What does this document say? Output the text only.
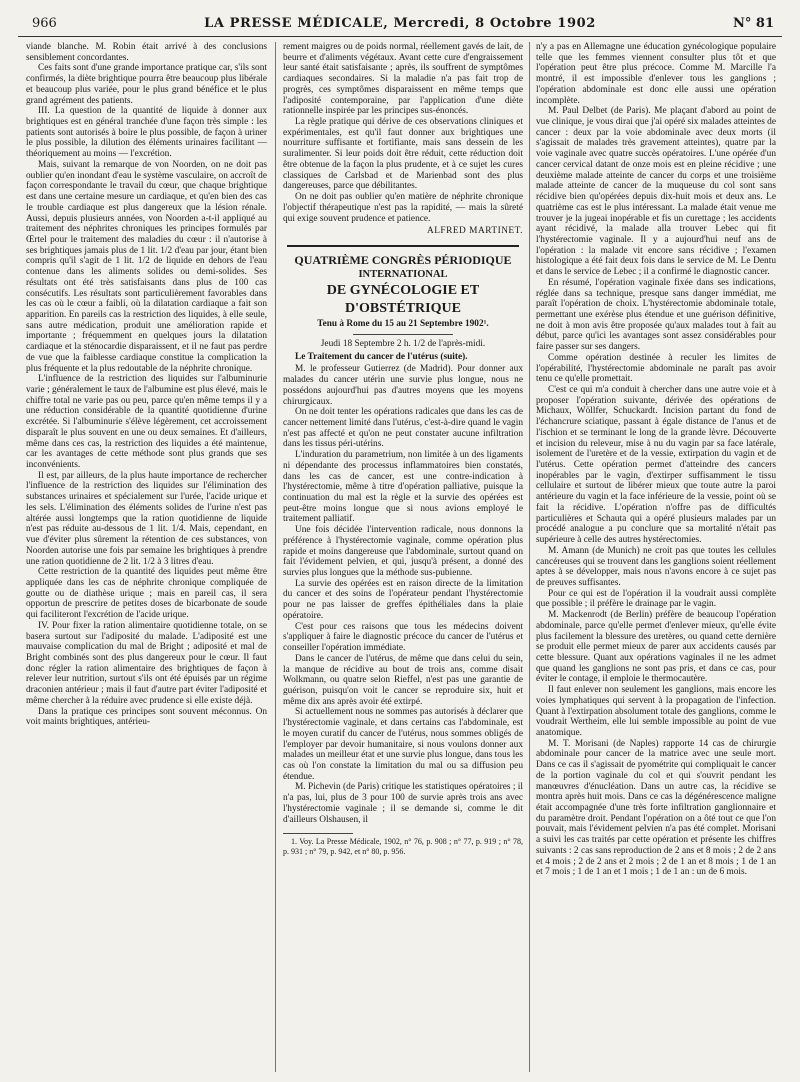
966	LA PRESSE MÉDICALE, Mercredi, 8 Octobre 1902	N° 81

viande blanche. M. Robin était arrivé à des conclusions sensiblement concordantes.

Ces faits sont d'une grande importance pratique car, s'ils sont confirmés, la diète brightique pourra être beaucoup plus libérale et beaucoup plus variée, pour le plus grand bénéfice et le plus grand agrément des patients.

III. La question de la quantité de liquide à donner aux brightiques est en général tranchée d'une façon très simple : les patients sont autorisés à boire le plus possible, de façon à uriner le plus possible, la dilution des éléments urinaires facilitant — théoriquement au moins — l'excrétion.

Mais, suivant la remarque de von Noorden, on ne doit pas oublier qu'en inondant d'eau le système vasculaire, on accroît de façon correspondante le travail du cœur, que chaque brightique est dans une certaine mesure un cardiaque, et qu'en bien des cas le trouble cardiaque est plus dangereux que la lésion rénale. Aussi, depuis plusieurs années, von Noorden a-t-il appliqué au traitement des néphrites chroniques les principes formulés par Œrtel pour le traitement des maladies du cœur : il n'autorise à ses brightiques jamais plus de 1 lit. 1/2 d'eau par jour, étant bien compris qu'il s'agit de 1 lit. 1/2 de liquide en dehors de l'eau contenue dans les aliments solides ou demi-solides. Ses résultats ont été très satisfaisants dans plus de 100 cas consécutifs. Les résultats sont particulièrement favorables dans les cas où le cœur a faibli, où la dilatation cardiaque a fait son apparition. En pareils cas la restriction des liquides, à elle seule, sans autre médication, produit une amélioration rapide et importante ; fréquemment en quelques jours la dilatation cardiaque et la sténocardie disparaissent, et il ne faut pas perdre de vue que la faiblesse cardiaque constitue la complication la plus fréquente et la plus redoutable de la néphrite chronique.

L'influence de la restriction des liquides sur l'albuminurie varie ; généralement le taux de l'albumine est plus élevé, mais le chiffre total ne varie pas ou peu, parce qu'en même temps il y a une réduction considérable de la quantité quotidienne d'urine excrétée. Si l'albuminurie s'élève légèrement, cet accroissement disparaît le plus souvent en une ou deux semaines. Et d'ailleurs, même dans ces cas, la restriction des liquides a été maintenue, car les avantages de cette méthode sont plus grands que ses inconvénients.

Il est, par ailleurs, de la plus haute importance de rechercher l'influence de la restriction des liquides sur l'élimination des substances urinaires et spécialement sur l'urée, l'acide urique et les sels. L'élimination des éléments solides de l'urine n'est pas altérée aussi longtemps que la ration quotidienne de liquide n'est pas réduite au-dessous de 1 lit. 1/4. Mais, cependant, en vue d'éviter plus sûrement la rétention de ces substances, von Noorden autorise une fois par semaine les brightiques à prendre une ration quotidienne de 2 lit. 1/2 à 3 litres d'eau.

Cette restriction de la quantité des liquides peut même être appliquée dans les cas de néphrite chronique compliquée de goutte ou de diathèse urique ; mais en pareil cas, il sera opportun de prescrire de petites doses de bicarbonate de soude qui faciliteront l'excrétion de l'acide urique.

IV. Pour fixer la ration alimentaire quotidienne totale, on se basera surtout sur l'adiposité du malade. L'adiposité est une mauvaise complication du mal de Bright ; adiposité et mal de Bright combinés sont des plus dangereux pour le cœur. Il faut donc régler la ration alimentaire des brightiques de façon à relever leur nutrition, surtout s'ils ont été épuisés par un régime draconien antérieur ; mais il faut d'autre part éviter l'adiposité et même chercher à la réduire avec prudence si elle existe déjà.

Dans la pratique ces principes sont souvent méconnus. On voit maints brightiques, antérieu-

rement maigres ou de poids normal, réellement gavés de lait, de beurre et d'aliments végétaux. Avant cette cure d'engraissement leur santé était satisfaisante ; après, ils souffrent de symptômes cardiaques secondaires. Si la maladie n'a pas fait trop de progrès, ces symptômes disparaissent en même temps que l'adiposité contemporaine, par l'application d'une diète rationnelle inspirée par les principes sus-énoncés.

La règle pratique qui dérive de ces observations cliniques et expérimentales, est qu'il faut donner aux brightiques une nourriture suffisante et fortifiante, mais sans dessein de les suralimenter. Si leur poids doit être réduit, cette réduction doit être obtenue de la façon la plus prudente, et à ce sujet les cures classiques de Carlsbad et de Marienbad sont des plus dangereuses, parce que débilitantes.

On ne doit pas oublier qu'en matière de néphrite chronique l'objectif thérapeutique n'est pas la rapidité, — mais la sûreté qui exige souvent prudence et patience.

ALFRED MARTINET.
QUATRIÈME CONGRÈS PÉRIODIQUE
INTERNATIONAL
DE GYNÉCOLOGIE ET D'OBSTÉTRIQUE
Tenu à Rome du 15 au 21 Septembre 1902¹.
Jeudi 18 Septembre 2 h. 1/2 de l'après-midi.

Le Traitement du cancer de l'utérus (suite).

M. le professeur Gutierrez (de Madrid). Pour donner aux malades du cancer utérin une survie plus longue, nous ne possédons aujourd'hui pas d'autres moyens que les moyens chirurgicaux.

On ne doit tenter les opérations radicales que dans les cas de cancer nettement limité dans l'utérus, c'est-à-dire quand le vagin n'est pas affecté et qu'on ne peut constater aucune infiltration dans les tissus péri-utérins.

L'induration du parametrium, non limitée à un des ligaments ni dépendante des processus inflammatoires bien constatés, dans les cas de cancer, est une contre-indication à l'hystérectomie, même à titre d'opération palliative, puisque la continuation du mal est la règle et la survie des opérées est peut-être moins longue que si nous avions employé le traitement palliatif.

Une fois décidée l'intervention radicale, nous donnons la préférence à l'hystérectomie vaginale, comme opération plus rapide et moins dangereuse que l'abdominale, surtout quand on fait l'évidement pelvien, et qui, jusqu'à présent, a donné des survies plus longues que la méthode sus-pubienne.

La survie des opérées est en raison directe de la limitation du cancer et des soins de l'opérateur pendant l'hystérectomie pour ne pas laisser de greffes épithéliales dans la plaie opératoire.

C'est pour ces raisons que tous les médecins doivent s'appliquer à faire le diagnostic précoce du cancer de l'utérus et conseiller l'opération immédiate.

Dans le cancer de l'utérus, de même que dans celui du sein, la manque de récidive au bout de trois ans, comme disait Wolkmann, ou quatre selon Rieffel, n'est pas une garantie de guérison, puisqu'on voit le cancer se reproduire six, huit et même dix ans après avoir été extirpé.

Si actuellement nous ne sommes pas autorisés à déclarer que l'hystérectomie vaginale, et dans certains cas l'abdominale, est le moyen curatif du cancer de l'utérus, nous sommes obligés de l'employer par devoir humanitaire, si nous voulons donner aux malades un meilleur état et une survie plus longue, dans tous les cas où l'on constate la limitation du mal ou sa diffusion peu étendue.

M. Pichevin (de Paris) critique les statistiques opératoires ; il n'a pas, lui, plus de 3 pour 100 de survie après trois ans avec l'hystérectomie vaginale ; il se demande si, comme le dit d'ailleurs Olshausen, il

1. Voy. La Presse Médicale, 1902, n° 76, p. 908 ; n° 77, p. 919 ; n° 78, p. 931 ; n° 79, p. 942, et n° 80, p. 956.

n'y a pas en Allemagne une éducation gynécologique populaire telle que les femmes viennent consulter plus tôt et que l'opération peut être plus précoce. Comme M. Marcille l'a montré, il est impossible d'enlever tous les ganglions ; l'opération abdominale est donc elle aussi une opération incomplète.

M. Paul Delbet (de Paris). Me plaçant d'abord au point de vue clinique, je vous dirai que j'ai opéré six malades atteintes de cancer : deux par la voie abdominale avec deux morts (il s'agissait de malades très gravement atteintes), quatre par la voie vaginale avec quatre succès opératoires. L'une opérée d'un cancer cervical datant de onze mois est en pleine récidive ; une deuxième malade atteinte de cancer du corps et une troisième malade atteinte de cancer de la muqueuse du col sont sans récidive bien qu'opérées depuis dix-huit mois et deux ans. Le quatrième cas est le plus intéressant. La malade était venue me trouver je la jugeai inopérable et fis un curettage ; les accidents ayant récidivé, la malade alla trouver Lebec qui fit l'hystérectomie vaginale. Il y a aujourd'hui neuf ans de l'opération : la malade vit encore sans récidive ; l'examen histologique a été fait deux fois dans le service de M. Le Dentu et dans le service de Lebec ; il a confirmé le diagnostic cancer.

En résumé, l'opération vaginale fixée dans ses indications, réglée dans sa technique, presque sans danger immédiat, me paraît l'opération de choix. L'hystérectomie abdominale totale, permettant une exérèse plus étendue et une guérison définitive, ne doit à mon avis être proposée qu'aux malades tout à fait au début, parce qu'ici les avantages sont assez considérables pour faire passer sur ses dangers.

Comme opération destinée à reculer les limites de l'opérabilité, l'hystérectomie abdominale ne paraît pas avoir tenu ce qu'elle promettait.

C'est ce qui m'a conduit à chercher dans une autre voie et à proposer l'opération suivante, dérivée des opérations de Michaux, Wöllfer, Schuckardt. Incision partant du fond de l'échancrure sciatique, passant à égale distance de l'anus et de l'ischion et se terminant le long de la grande lèvre. Découverte et incision du releveur, mise à nu du vagin par sa face latérale, isolement de l'uretère et de la vessie, extirpation du vagin et de l'utérus. Cette opération permet d'atteindre des cancers inopérables par le vagin, d'extirper suffisamment le tissu cellulaire et surtout de libérer mieux que toute autre la paroi antérieure du vagin et la face inférieure de la vessie, point où se fait la récidive. L'opération n'offre pas de difficultés particulières et Schauta qui a opéré plusieurs malades par un procédé analogue a pu conclure que sa mortalité n'était pas supérieure à celle des autres hystérectomies.

M. Amann (de Munich) ne croit pas que toutes les cellules cancéreuses qui se trouvent dans les ganglions soient réellement aptes à se développer, mais nous n'avons encore à ce sujet pas de preuves suffisantes.

Pour ce qui est de l'opération il la voudrait aussi complète que possible ; il préfère le drainage par le vagin.

M. Mackenrodt (de Berlin) préfère de beaucoup l'opération abdominale, parce qu'elle permet d'enlever mieux, qu'elle évite plus facilement la blessure des uretères, ou quand cette dernière se produit elle permet mieux de parer aux accidents causés par cette blessure. Quant aux opérations vaginales il ne les admet que quand les ganglions ne sont pas pris, et dans ce cas, pour éviter le contage, il emploie le thermocautère.

Il faut enlever non seulement les ganglions, mais encore les voies lymphatiques qui servent à la propagation de l'infection. Quant à l'extirpation absolument totale des ganglions, comme le voudrait Wertheim, elle lui semble impossible au point de vue anatomique.

M. T. Morisani (de Naples) rapporte 14 cas de chirurgie abdominale pour cancer de la matrice avec une seule mort. Dans ce cas il s'agissait de pyométrite qui compliquait le cancer de la portion vaginale du col et qui s'ouvrit pendant les manœuvres d'énucléation. Dans un autre cas, la récidive se montra après huit mois. Dans ce cas la dégénérescence maligne était accompagnée d'une très forte infiltration ganglionnaire et du paramètre droit. Pendant l'opération on a ôté tout ce que l'on pouvait, mais l'évidement pelvien n'a pas été complet. Morisani a suivi les cas traités par cette opération et présente les chiffres suivants : 2 cas sans reproduction de 2 ans et 8 mois ; 2 de 2 ans et 4 mois ; 2 de 2 ans et 2 mois ; 2 de 1 an et 8 mois ; 1 de 1 an et 7 mois ; 1 de 1 an et 1 mois ; 1 de 1 an : un de 6 mois.
